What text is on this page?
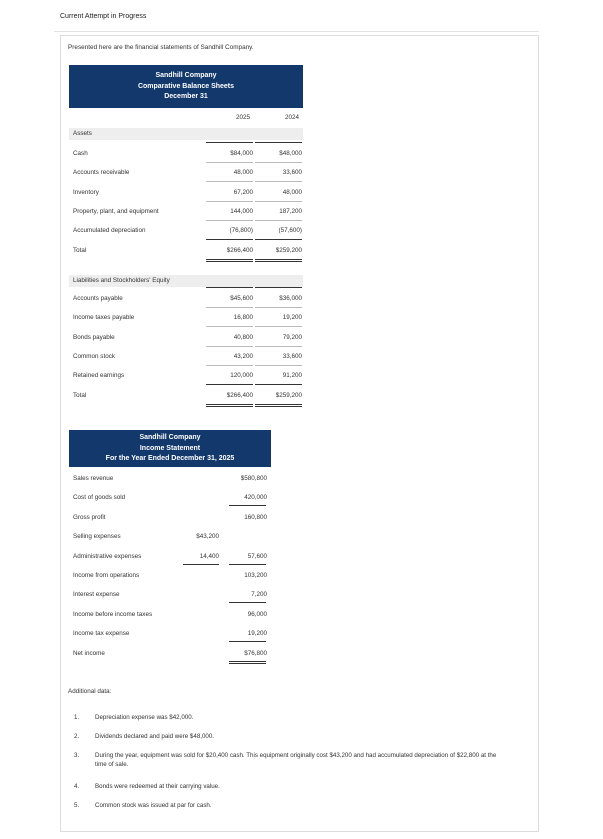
Current Attempt in Progress
Presented here are the financial statements of Sandhill Company.
Sandhill Company
Comparative Balance Sheets
December 31
2025	2024
Assets
Cash	$84,000	$48,000
Accounts receivable	48,000	33,600
Inventory	67,200	48,000
Property, plant, and equipment	144,000	187,200
Accumulated depreciation	(76,800)	(57,600)
Total	$266,400	$259,200
Liabilities and Stockholders' Equity
Accounts payable	$45,600	$36,000
Income taxes payable	16,800	19,200
Bonds payable	40,800	79,200
Common stock	43,200	33,600
Retained earnings	120,000	91,200
Total	$266,400	$259,200
Sandhill Company
Income Statement
For the Year Ended December 31, 2025
Sales revenue	$580,800
Cost of goods sold	420,000
Gross profit	160,800
Selling expenses	$43,200
Administrative expenses	14,400	57,600
Income from operations	103,200
Interest expense	7,200
Income before income taxes	96,000
Income tax expense	19,200
Net income	$76,800
Additional data:
1.	Depreciation expense was $42,000.
2.	Dividends declared and paid were $48,000.
3.	During the year, equipment was sold for $20,400 cash. This equipment originally cost $43,200 and had accumulated depreciation of $22,800 at the time of sale.
4.	Bonds were redeemed at their carrying value.
5.	Common stock was issued at par for cash.
